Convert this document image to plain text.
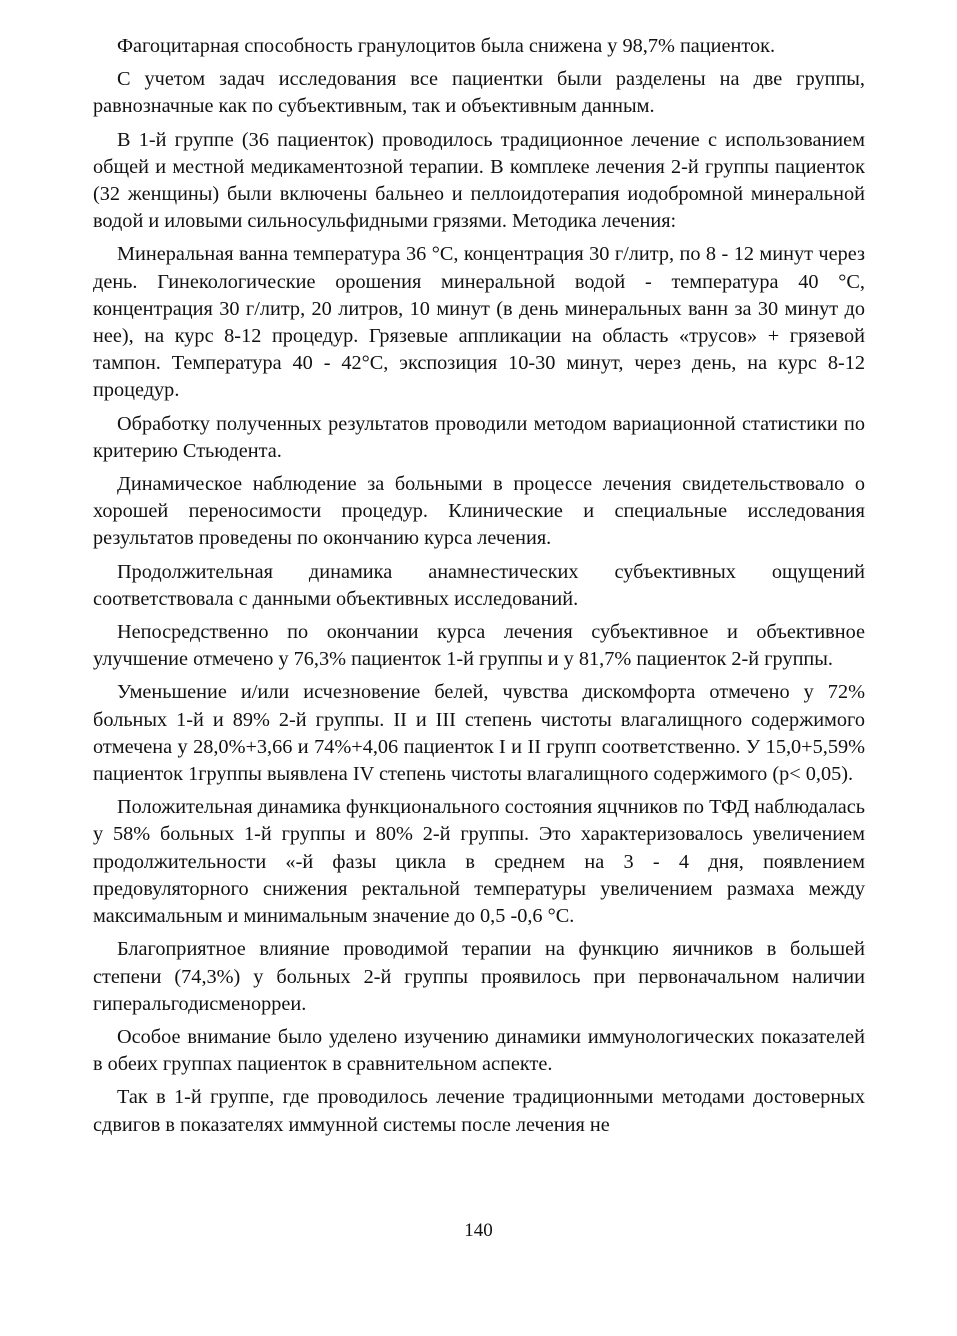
Фагоцитарная способность гранулоцитов была снижена у 98,7% пациенток.

С учетом задач исследования все пациентки были разделены на две группы, равнозначные как по субъективным, так и объективным данным.

В 1-й группе (36 пациенток) проводилось традиционное лечение с использованием общей и местной медикаментозной терапии. В комплеке лечения 2-й группы пациенток (32 женщины) были включены бальнео и пеллоидотерапия иодобромной минеральной водой и иловыми сильносульфидными грязями. Методика лечения:

Минеральная ванна температура 36 °С, концентрация 30 г/литр, по 8 - 12 минут через день. Гинекологические орошения минеральной водой - температура 40 °С, концентрация 30 г/литр, 20 литров, 10 минут (в день минеральных ванн за 30 минут до нее), на курс 8-12 процедур. Грязевые аппликации на область «трусов» + грязевой тампон. Температура 40 - 42°С, экспозиция 10-30 минут, через день, на курс 8-12 процедур.

Обработку полученных результатов проводили методом вариационной статистики по критерию Стьюдента.

Динамическое наблюдение за больными в процессе лечения свидетельствовало о хорошей переносимости процедур. Клинические и специальные исследования результатов проведены по окончанию курса лечения.

Продолжительная динамика анамнестических субъективных ощущений соответствовала с данными объективных исследований.

Непосредственно по окончании курса лечения субъективное и объективное улучшение отмечено у 76,3% пациенток 1-й группы и у 81,7% пациенток 2-й группы.

Уменьшение и/или исчезновение белей, чувства дискомфорта отмечено у 72% больных 1-й и 89% 2-й группы. II и III степень чистоты влагалищного содержимого отмечена у 28,0%+3,66 и 74%+4,06 пациенток I и II групп соответственно. У 15,0+5,59% пациенток 1группы выявлена IV степень чистоты влагалищного содержимого (р< 0,05).

Положительная динамика функционального состояния яцчников по ТФД наблюдалась у 58% больных 1-й группы и 80% 2-й группы. Это характеризовалось увеличением продолжительности «-й фазы цикла в среднем на 3 - 4 дня, появлением предовуляторного снижения ректальной температуры увеличением размаха между максимальным и минимальным значение до 0,5 -0,6 °С.

Благоприятное влияние проводимой терапии на функцию яичников в большей степени (74,3%) у больных 2-й группы проявилось при первоначальном наличии гиперальгодисменорреи.

Особое внимание было уделено изучению динамики иммунологических показателей в обеих группах пациенток в сравнительном аспекте.

Так в 1-й группе, где проводилось лечение традиционными методами достоверных сдвигов в показателях иммунной системы после лечения не

140
